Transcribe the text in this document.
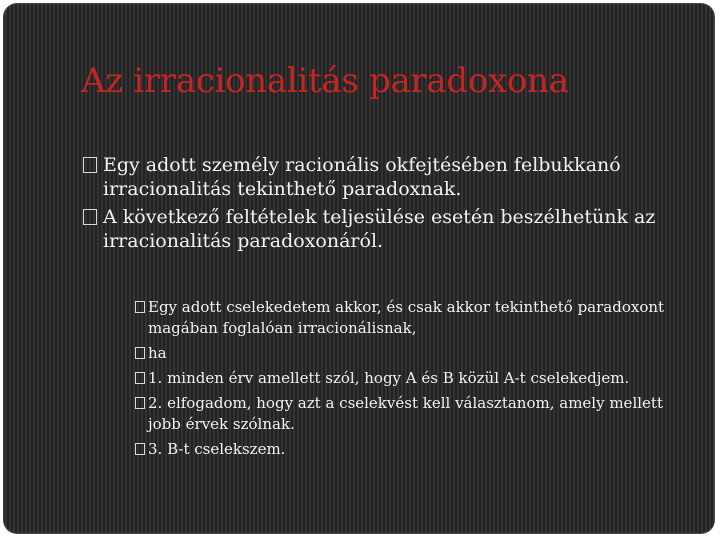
Az irracionalitás paradoxona
Egy adott személy racionális okfejtésében felbukkanó irracionalitás tekinthető paradoxnak.
A következő feltételek teljesülése esetén beszélhetünk az irracionalitás paradoxonáról.
Egy adott cselekedetem akkor, és csak akkor tekinthető paradoxont magában foglalóan irracionálisnak,
ha
1. minden érv amellett szól, hogy A és B közül A-t cselekedjem.
2. elfogadom, hogy azt a cselekvést kell választanom, amely mellett jobb érvek szólnak.
3. B-t cselekszem.
